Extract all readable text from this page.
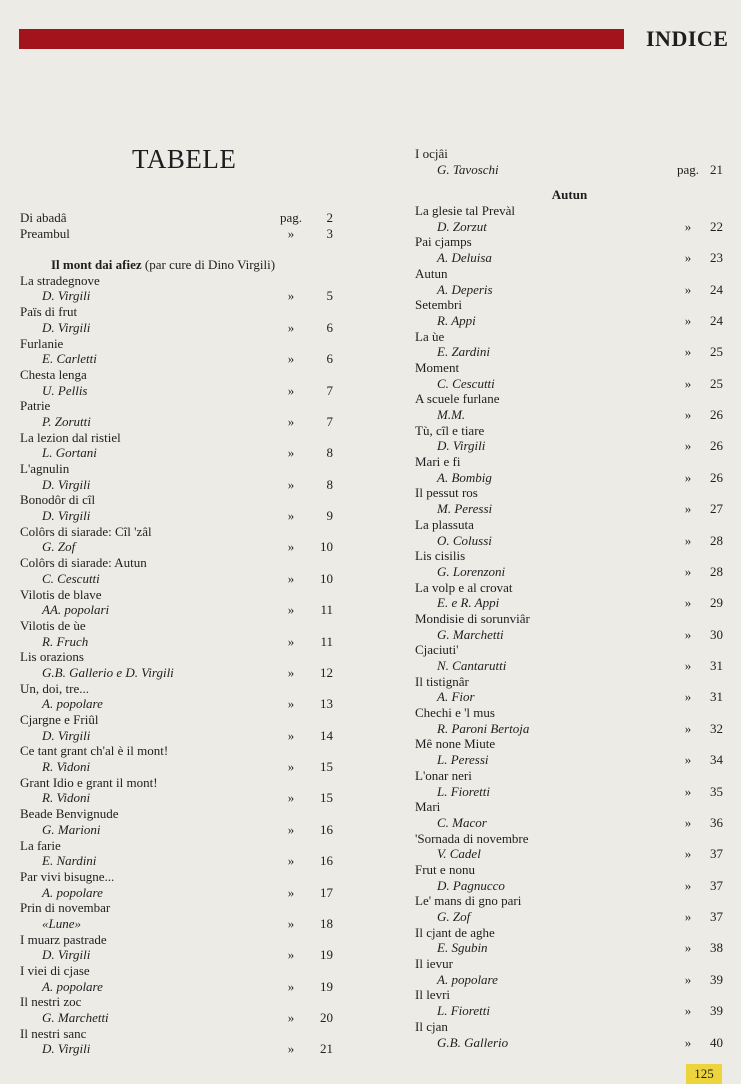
INDICE
TABELE
Di abadâ	pag.	2
Preambul	»	3
Il mont dai afiez (par cure di Dino Virgili)
La stradegnove
D. Virgili	»	5
Païs di frut
D. Virgili	»	6
Furlanie
E. Carletti	»	6
Chesta lenga
U. Pellis	»	7
Patrie
P. Zorutti	»	7
La lezion dal ristiel
L. Gortani	»	8
L'agnulin
D. Virgili	»	8
Bonodôr di cîl
D. Virgili	»	9
Colôrs di siarade: Cîl 'zâl
G. Zof	»	10
Colôrs di siarade: Autun
C. Cescutti	»	10
Vilotis de blave
AA. popolari	»	11
Vilotis de ùe
R. Fruch	»	11
Lis orazions
G.B. Gallerio e D. Virgili	»	12
Un, doi, tre...
A. popolare	»	13
Cjargne e Friûl
D. Virgili	»	14
Ce tant grant ch'al è il mont!
R. Vidoni	»	15
Grant Idio e grant il mont!
R. Vidoni	»	15
Beade Benvignude
G. Marioni	»	16
La farie
E. Nardini	»	16
Par vivi bisugne...
A. popolare	»	17
Prin di novembar
«Lune»	»	18
I muarz pastrade
D. Virgili	»	19
I viei di cjase
A. popolare	»	19
Il nestri zoc
G. Marchetti	»	20
Il nestri sanc
D. Virgili	»	21
I ocjâi
G. Tavoschi	pag. 21
Autun
La glesie tal Prevàl
D. Zorzut	»	22
Pai cjamps
A. Deluisa	»	23
Autun
A. Deperis	»	24
Setembri
R. Appi	»	24
La ùe
E. Zardini	»	25
Moment
C. Cescutti	»	25
A scuele furlane
M.M.	»	26
Tù, cîl e tiare
D. Virgili	»	26
Mari e fi
A. Bombig	»	26
Il pessut ros
M. Peressi	»	27
La plassuta
O. Colussi	»	28
Lis cisilis
G. Lorenzoni	»	28
La volp e al crovat
E. e R. Appi	»	29
Mondisie di sorunviâr
G. Marchetti	»	30
Cjaciuti'
N. Cantarutti	»	31
Il tistignâr
A. Fior	»	31
Chechi e 'l mus
R. Paroni Bertoja	»	32
Mê none Miute
L. Peressi	»	34
L'onar neri
L. Fioretti	»	35
Mari
C. Macor	»	36
'Sornada di novembre
V. Cadel	»	37
Frut e nonu
D. Pagnucco	»	37
Le' mans di gno pari
G. Zof	»	37
Il cjant de aghe
E. Sgubin	»	38
Il ievur
A. popolare	»	39
Il levri
L. Fioretti	»	39
Il cjan
G.B. Gallerio	»	40
125
